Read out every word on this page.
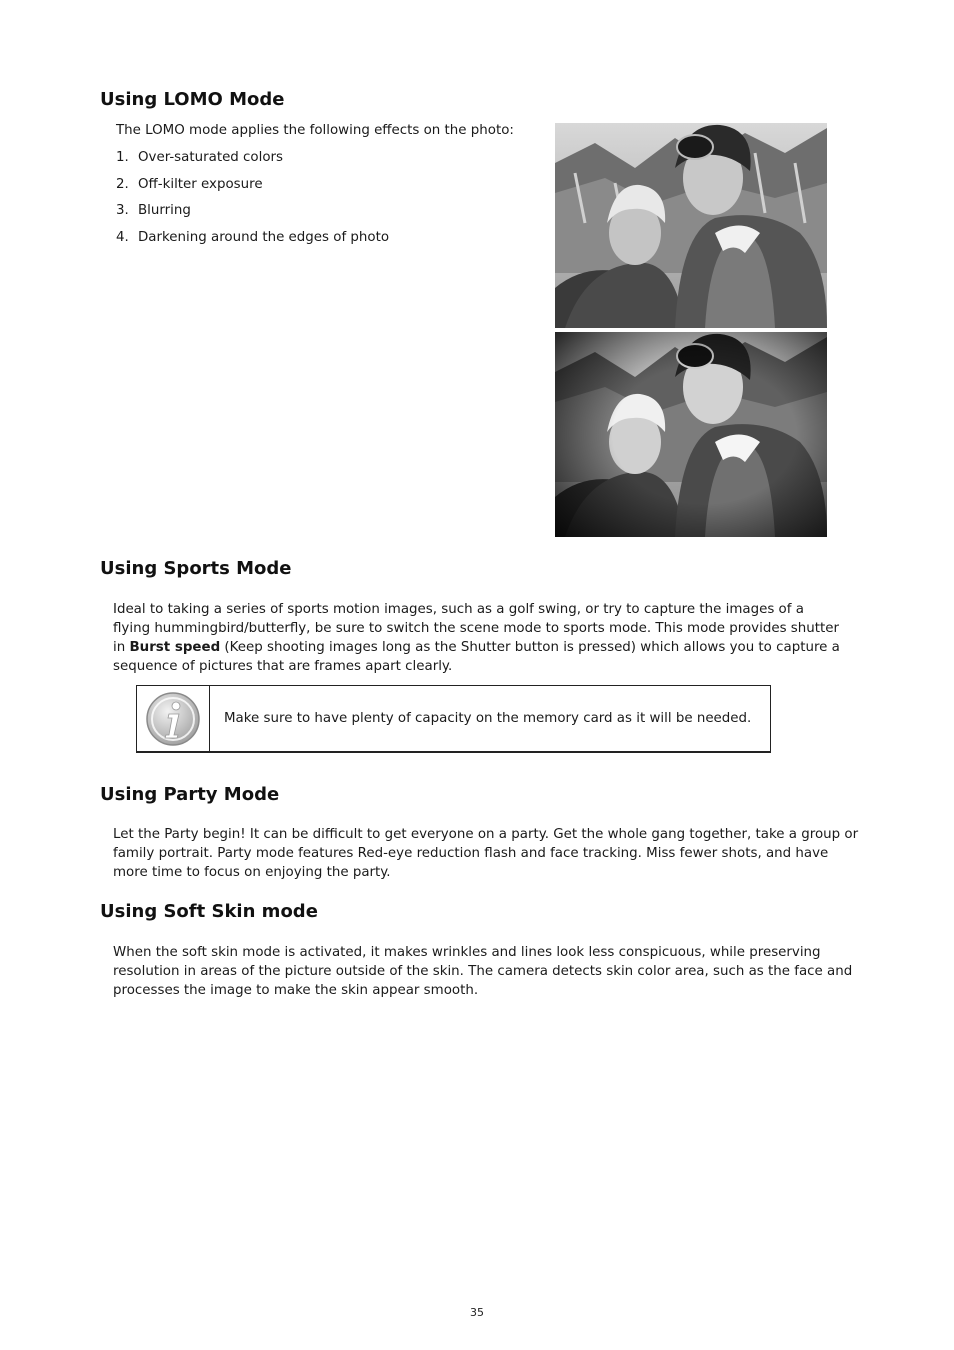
Using LOMO Mode

The LOMO mode applies the following effects on the photo:

1. Over-saturated colors
2. Off-kilter exposure
3. Blurring
4. Darkening around the edges of photo
Using Sports Mode

Ideal to taking a series of sports motion images, such as a golf swing, or try to capture the images of a flying hummingbird/butterfly, be sure to switch the scene mode to sports mode. This mode provides shutter in Burst speed (Keep shooting images long as the Shutter button is pressed) which allows you to capture a sequence of pictures that are frames apart clearly.

Make sure to have plenty of capacity on the memory card as it will be needed.
Using Party Mode

Let the Party begin! It can be difficult to get everyone on a party. Get the whole gang together, take a group or family portrait. Party mode features Red-eye reduction flash and face tracking. Miss fewer shots, and have more time to focus on enjoying the party.

Using Soft Skin mode

When the soft skin mode is activated, it makes wrinkles and lines look less conspicuous, while preserving resolution in areas of the picture outside of the skin. The camera detects skin color area, such as the face and processes the image to make the skin appear smooth.

35
